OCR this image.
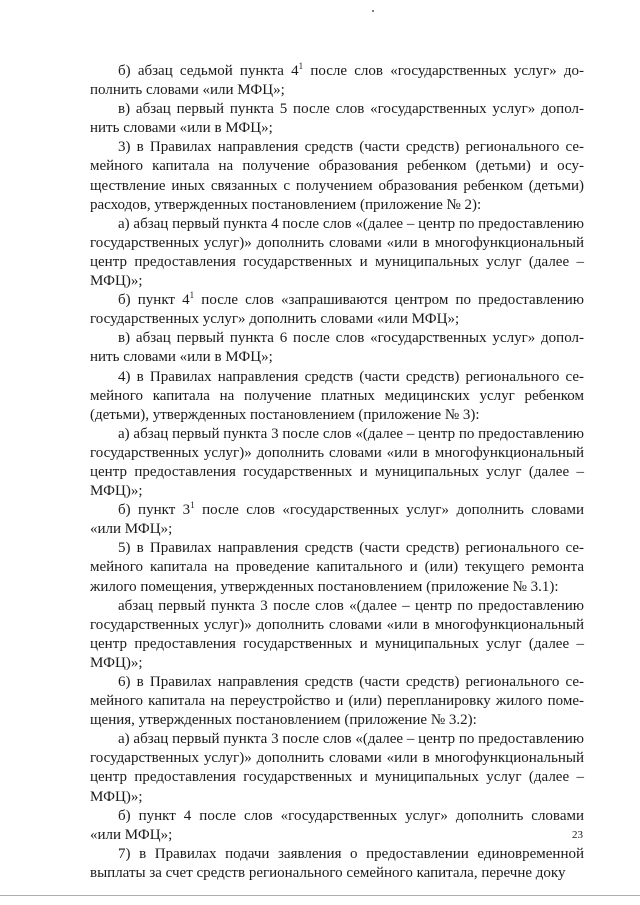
б) абзац седьмой пункта $4^1$ после слов «государственных услуг» дополнить словами «или МФЦ»;

в) абзац первый пункта 5 после слов «государственных услуг» дополнить словами «или в МФЦ»;

3) в Правилах направления средств (части средств) регионального семейного капитала на получение образования ребенком (детьми) и осуществление иных связанных с получением образования ребенком (детьми) расходов, утвержденных постановлением (приложение № 2):

а) абзац первый пункта 4 после слов «(далее – центр по предоставлению государственных услуг)» дополнить словами «или в многофункциональный центр предоставления государственных и муниципальных услуг (далее – МФЦ)»;

б) пункт $4^1$ после слов «запрашиваются центром по предоставлению государственных услуг» дополнить словами «или МФЦ»;

в) абзац первый пункта 6 после слов «государственных услуг» дополнить словами «или в МФЦ»;

4) в Правилах направления средств (части средств) регионального семейного капитала на получение платных медицинских услуг ребенком (детьми), утвержденных постановлением (приложение № 3):

а) абзац первый пункта 3 после слов «(далее – центр по предоставлению государственных услуг)» дополнить словами «или в многофункциональный центр предоставления государственных и муниципальных услуг (далее – МФЦ)»;

б) пункт $3^1$ после слов «государственных услуг» дополнить словами «или МФЦ»;

5) в Правилах направления средств (части средств) регионального семейного капитала на проведение капитального и (или) текущего ремонта жилого помещения, утвержденных постановлением (приложение № 3.1):

абзац первый пункта 3 после слов «(далее – центр по предоставлению государственных услуг)» дополнить словами «или в многофункциональный центр предоставления государственных и муниципальных услуг (далее – МФЦ)»;

6) в Правилах направления средств (части средств) регионального семейного капитала на переустройство и (или) перепланировку жилого помещения, утвержденных постановлением (приложение № 3.2):

а) абзац первый пункта 3 после слов «(далее – центр по предоставлению государственных услуг)» дополнить словами «или в многофункциональный центр предоставления государственных и муниципальных услуг (далее – МФЦ)»;

б) пункт 4 после слов «государственных услуг» дополнить словами «или МФЦ»;

7) в Правилах подачи заявления о предоставлении единовременной выплаты за счет средств регионального семейного капитала, перечне доку

23
